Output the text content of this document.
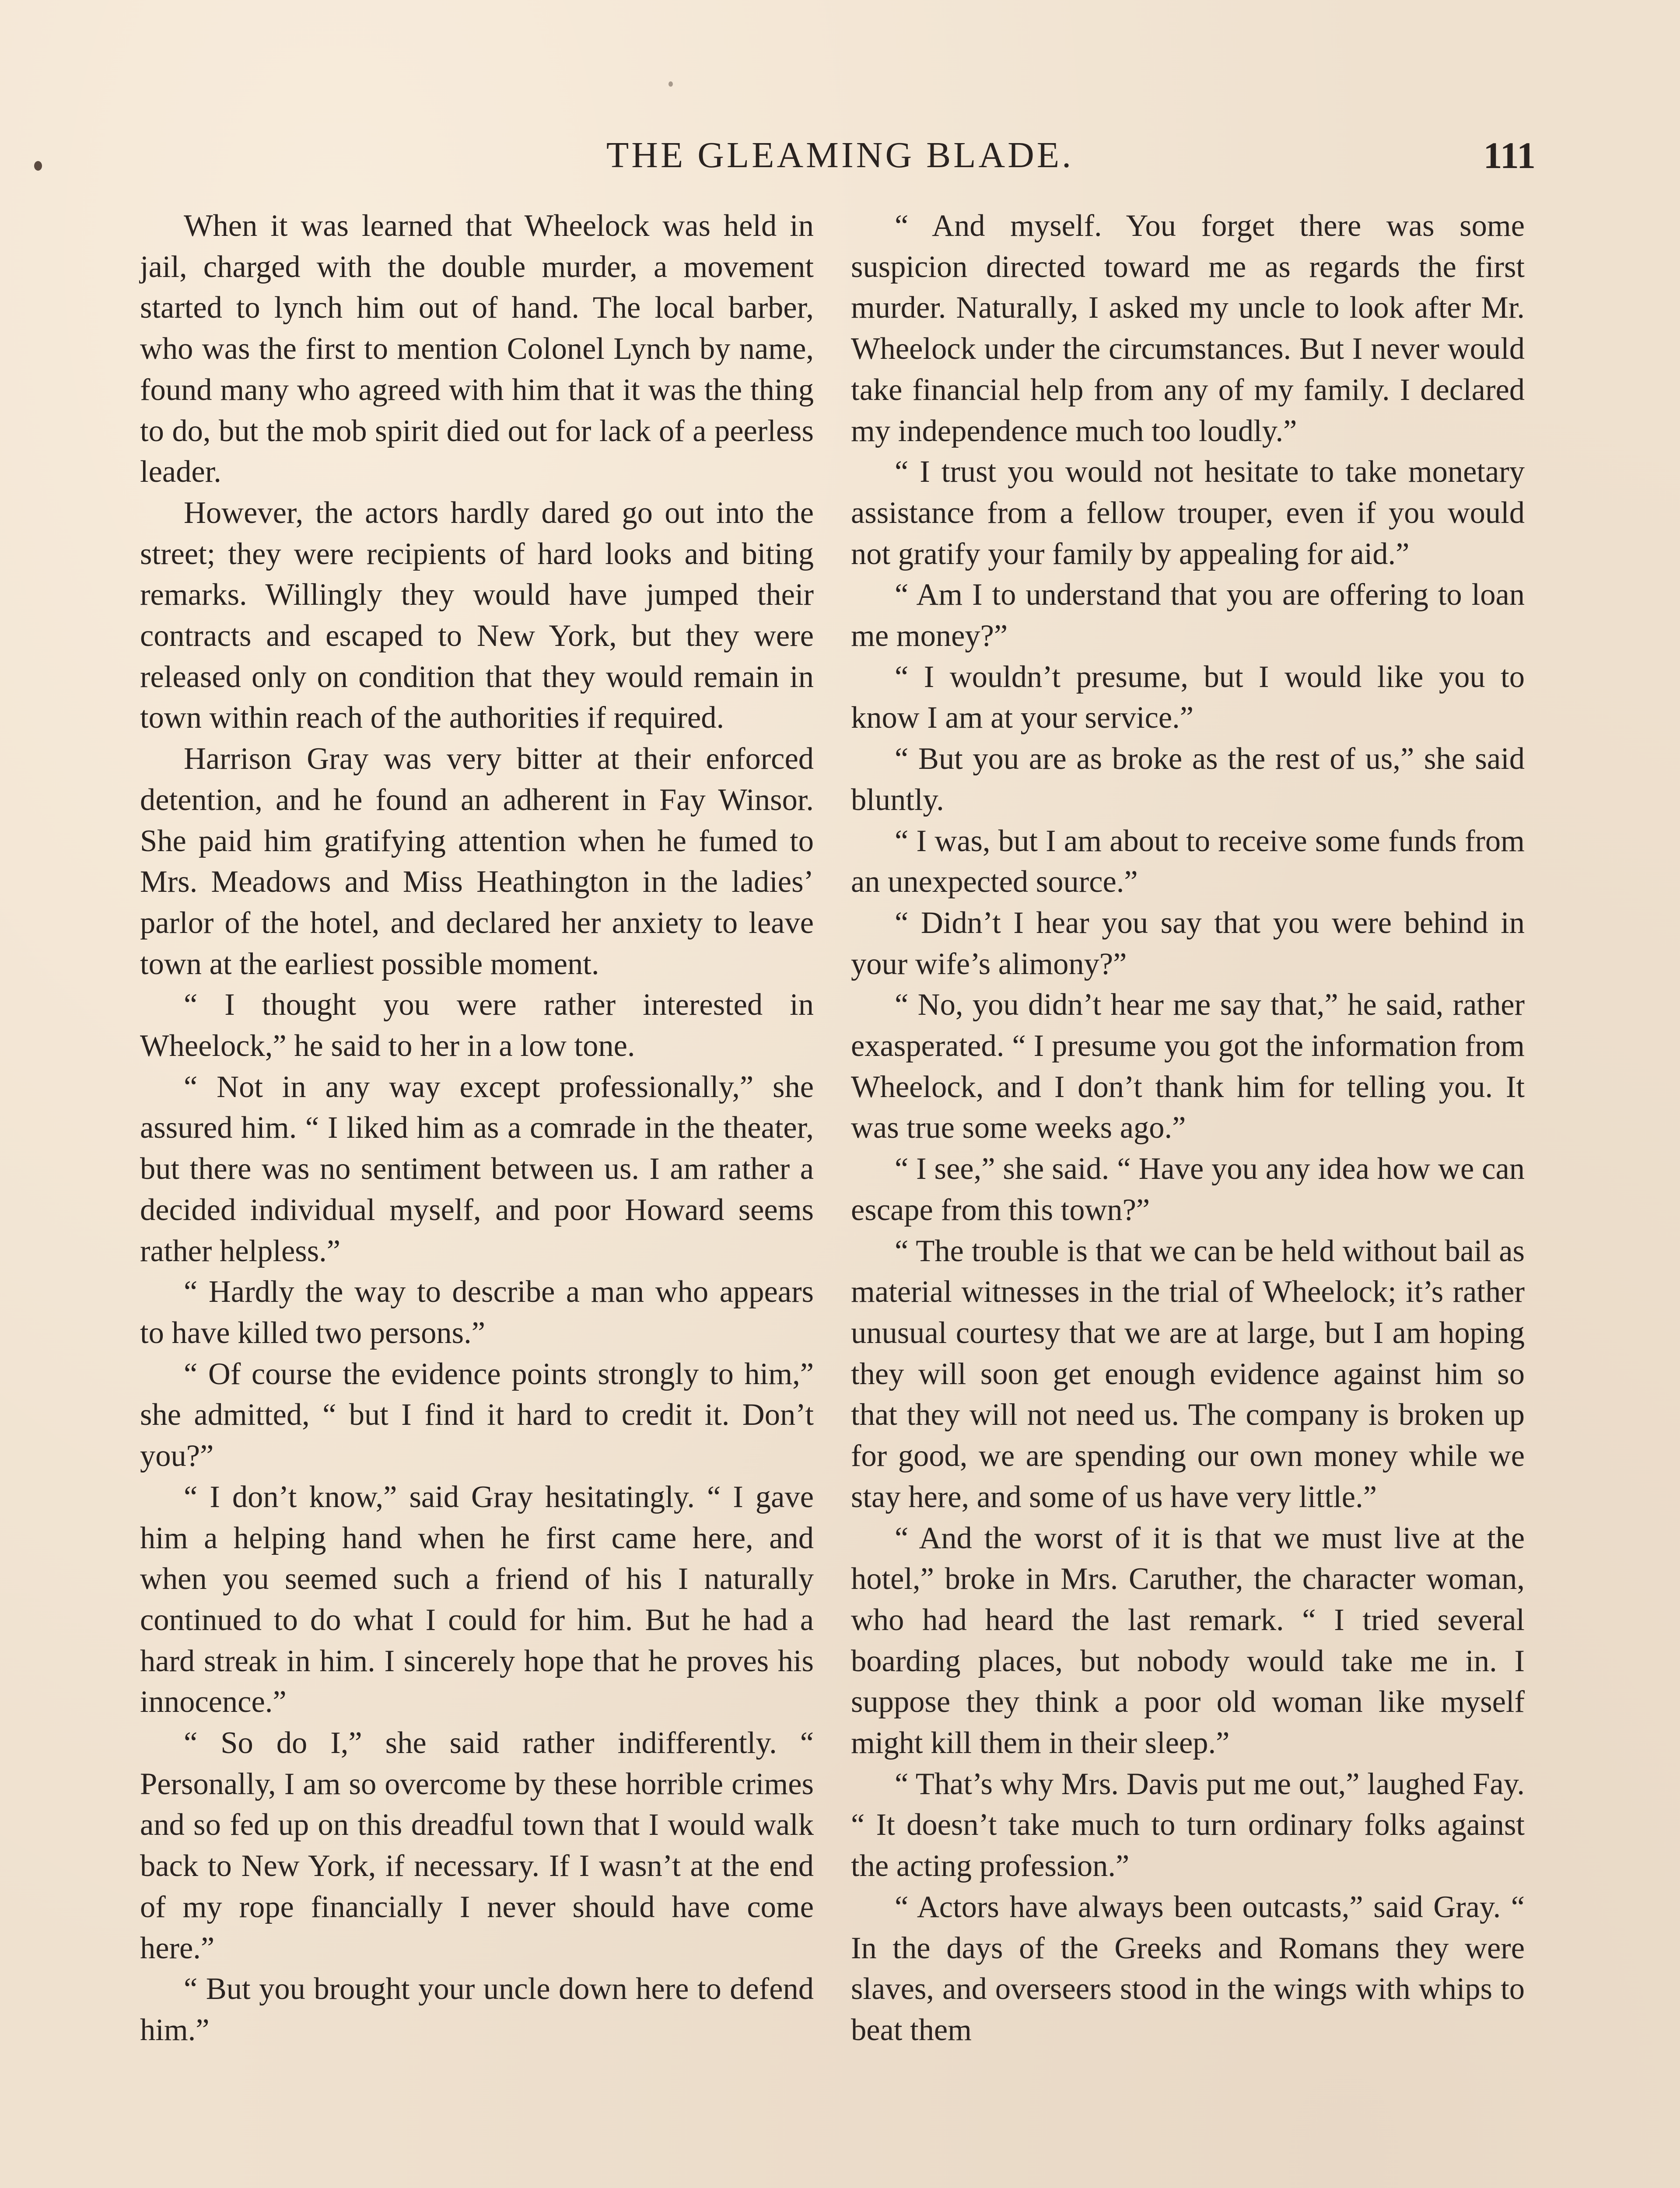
THE GLEAMING BLADE.	111

When it was learned that Wheelock was held in jail, charged with the double murder, a movement started to lynch him out of hand. The local barber, who was the first to mention Colonel Lynch by name, found many who agreed with him that it was the thing to do, but the mob spirit died out for lack of a peerless leader.

However, the actors hardly dared go out into the street; they were recipients of hard looks and biting remarks. Willingly they would have jumped their contracts and escaped to New York, but they were released only on condition that they would remain in town within reach of the authorities if required.

Harrison Gray was very bitter at their enforced detention, and he found an adherent in Fay Winsor. She paid him gratifying attention when he fumed to Mrs. Meadows and Miss Heathington in the ladies’ parlor of the hotel, and declared her anxiety to leave town at the earliest possible moment.

“ I thought you were rather interested in Wheelock,” he said to her in a low tone.

“ Not in any way except professionally,” she assured him. “ I liked him as a comrade in the theater, but there was no sentiment between us. I am rather a decided individual myself, and poor Howard seems rather helpless.”

“ Hardly the way to describe a man who appears to have killed two persons.”

“ Of course the evidence points strongly to him,” she admitted, “ but I find it hard to credit it. Don’t you?”

“ I don’t know,” said Gray hesitatingly. “ I gave him a helping hand when he first came here, and when you seemed such a friend of his I naturally continued to do what I could for him. But he had a hard streak in him. I sincerely hope that he proves his innocence.”

“ So do I,” she said rather indifferently. “ Personally, I am so overcome by these horrible crimes and so fed up on this dreadful town that I would walk back to New York, if necessary. If I wasn’t at the end of my rope financially I never should have come here.”

“ But you brought your uncle down here to defend him.”

“ And myself. You forget there was some suspicion directed toward me as regards the first murder. Naturally, I asked my uncle to look after Mr. Wheelock under the circumstances. But I never would take financial help from any of my family. I declared my independence much too loudly.”

“ I trust you would not hesitate to take monetary assistance from a fellow trouper, even if you would not gratify your family by appealing for aid.”

“ Am I to understand that you are offering to loan me money?”

“ I wouldn’t presume, but I would like you to know I am at your service.”

“ But you are as broke as the rest of us,” she said bluntly.

“ I was, but I am about to receive some funds from an unexpected source.”

“ Didn’t I hear you say that you were behind in your wife’s alimony?”

“ No, you didn’t hear me say that,” he said, rather exasperated. “ I presume you got the information from Wheelock, and I don’t thank him for telling you. It was true some weeks ago.”

“ I see,” she said. “ Have you any idea how we can escape from this town?”

“ The trouble is that we can be held without bail as material witnesses in the trial of Wheelock; it’s rather unusual courtesy that we are at large, but I am hoping they will soon get enough evidence against him so that they will not need us. The company is broken up for good, we are spending our own money while we stay here, and some of us have very little.”

“ And the worst of it is that we must live at the hotel,” broke in Mrs. Caruther, the character woman, who had heard the last remark. “ I tried several boarding places, but nobody would take me in. I suppose they think a poor old woman like myself might kill them in their sleep.”

“ That’s why Mrs. Davis put me out,” laughed Fay. “ It doesn’t take much to turn ordinary folks against the acting profession.”

“ Actors have always been outcasts,” said Gray. “ In the days of the Greeks and Romans they were slaves, and overseers stood in the wings with whips to beat them
